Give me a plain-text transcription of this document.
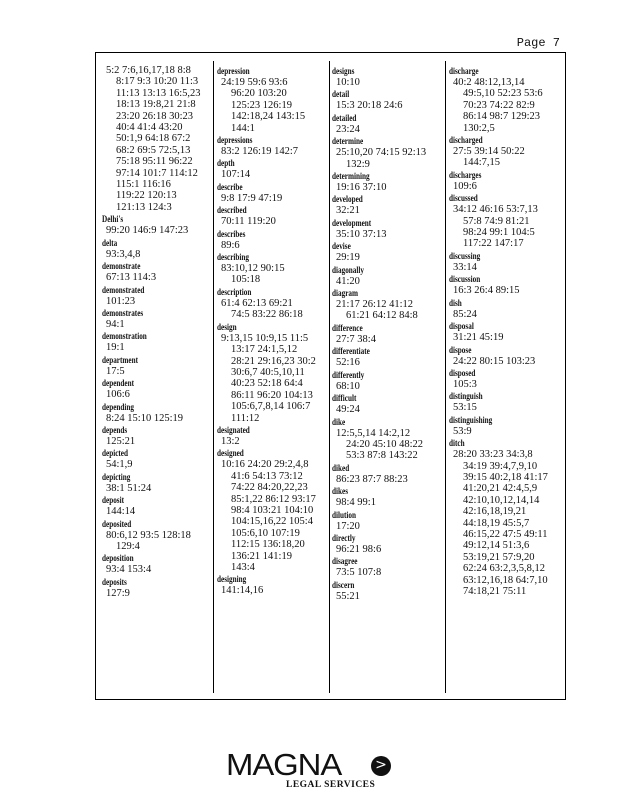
Page 7
5:2 7:6,16,17,18 8:8
8:17 9:3 10:20 11:3
11:13 13:13 16:5,23
18:13 19:8,21 21:8
23:20 26:18 30:23
40:4 41:4 43:20
50:1,9 64:18 67:2
68:2 69:5 72:5,13
75:18 95:11 96:22
97:14 101:7 114:12
115:1 116:16
119:22 120:13
121:13 124:3
Delhi's
99:20 146:9 147:23
delta
93:3,4,8
demonstrate
67:13 114:3
demonstrated
101:23
demonstrates
94:1
demonstration
19:1
department
17:5
dependent
106:6
depending
8:24 15:10 125:19
depends
125:21
depicted
54:1,9
depicting
38:1 51:24
deposit
144:14
deposited
80:6,12 93:5 128:18
129:4
deposition
93:4 153:4
deposits
127:9
depression
24:19 59:6 93:6
96:20 103:20
125:23 126:19
142:18,24 143:15
144:1
depressions
83:2 126:19 142:7
depth
107:14
describe
9:8 17:9 47:19
described
70:11 119:20
describes
89:6
describing
83:10,12 90:15
105:18
description
61:4 62:13 69:21
74:5 83:22 86:18
design
9:13,15 10:9,15 11:5
13:17 24:1,5,12
28:21 29:16,23 30:2
30:6,7 40:5,10,11
40:23 52:18 64:4
86:11 96:20 104:13
105:6,7,8,14 106:7
111:12
designated
13:2
designed
10:16 24:20 29:2,4,8
41:6 54:13 73:12
74:22 84:20,22,23
85:1,22 86:12 93:17
98:4 103:21 104:10
104:15,16,22 105:4
105:6,10 107:19
112:15 136:18,20
136:21 141:19
143:4
designing
141:14,16
designs
10:10
detail
15:3 20:18 24:6
detailed
23:24
determine
25:10,20 74:15 92:13
132:9
determining
19:16 37:10
developed
32:21
development
35:10 37:13
devise
29:19
diagonally
41:20
diagram
21:17 26:12 41:12
61:21 64:12 84:8
difference
27:7 38:4
differentiate
52:16
differently
68:10
difficult
49:24
dike
12:5,5,14 14:2,12
24:20 45:10 48:22
53:3 87:8 143:22
diked
86:23 87:7 88:23
dikes
98:4 99:1
dilution
17:20
directly
96:21 98:6
disagree
73:5 107:8
discern
55:21
discharge
40:2 48:12,13,14
49:5,10 52:23 53:6
70:23 74:22 82:9
86:14 98:7 129:23
130:2,5
discharged
27:5 39:14 50:22
144:7,15
discharges
109:6
discussed
34:12 46:16 53:7,13
57:8 74:9 81:21
98:24 99:1 104:5
117:22 147:17
discussing
33:14
discussion
16:3 26:4 89:15
dish
85:24
disposal
31:21 45:19
dispose
24:22 80:15 103:23
disposed
105:3
distinguish
53:15
distinguishing
53:9
ditch
28:20 33:23 34:3,8
34:19 39:4,7,9,10
39:15 40:2,18 41:17
41:20,21 42:4,5,9
42:10,10,12,14,14
42:16,18,19,21
44:18,19 45:5,7
46:15,22 47:5 49:11
49:12,14 51:3,6
53:19,21 57:9,20
62:24 63:2,3,5,8,12
63:12,16,18 64:7,10
74:18,21 75:11
MAGNA >
LEGAL SERVICES
